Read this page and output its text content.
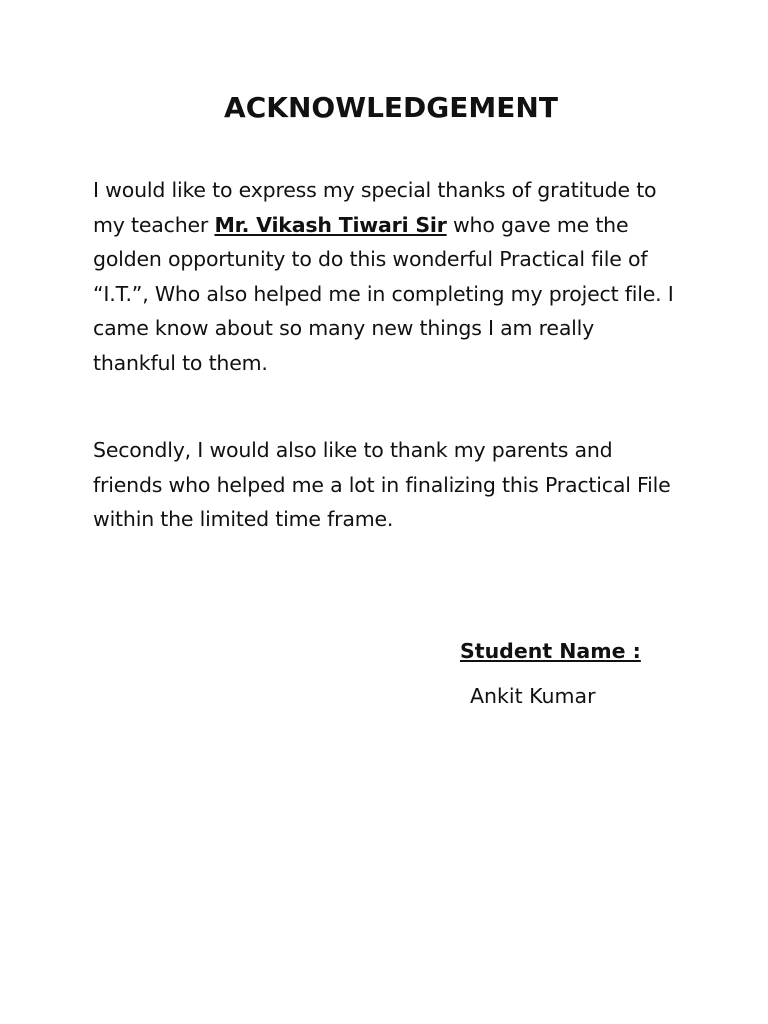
ACKNOWLEDGEMENT

I would like to express my special thanks of gratitude to my teacher Mr. Vikash Tiwari Sir who gave me the golden opportunity to do this wonderful Practical file of “I.T.”, Who also helped me in completing my project file. I came know about so many new things I am really thankful to them.

Secondly, I would also like to thank my parents and friends who helped me a lot in finalizing this Practical File within the limited time frame.

Student Name :

Ankit Kumar
